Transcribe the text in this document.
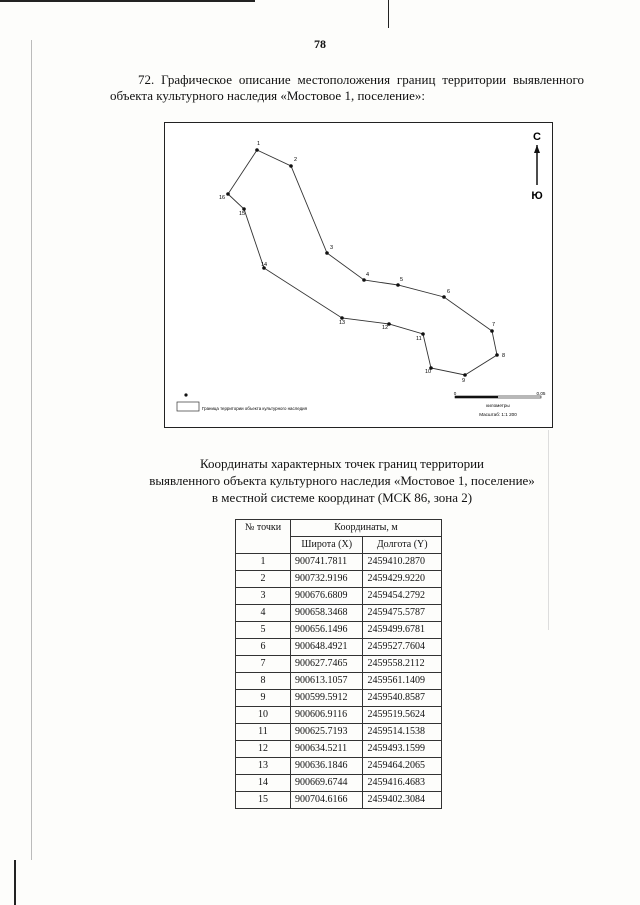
78
72. Графическое описание местоположения границ территории выявленного объекта культурного наследия «Мостовое 1, поселение»:
1
2
3
4
5
6
7
8
9
10
11
12
13
14
15
16
С
Ю
Граница территории объекта культурного наследия
0	0.05
километры
Масштаб: 1:1 200
Координаты характерных точек границ территории
выявленного объекта культурного наследия «Мостовое 1, поселение»
в местной системе координат (МСК 86, зона 2)
№ точки	Координаты, м	
	Широта (X)	Долгота (Y)
1	900741.7811	2459410.2870
2	900732.9196	2459429.9220
3	900676.6809	2459454.2792
4	900658.3468	2459475.5787
5	900656.1496	2459499.6781
6	900648.4921	2459527.7604
7	900627.7465	2459558.2112
8	900613.1057	2459561.1409
9	900599.5912	2459540.8587
10	900606.9116	2459519.5624
11	900625.7193	2459514.1538
12	900634.5211	2459493.1599
13	900636.1846	2459464.2065
14	900669.6744	2459416.4683
15	900704.6166	2459402.3084
